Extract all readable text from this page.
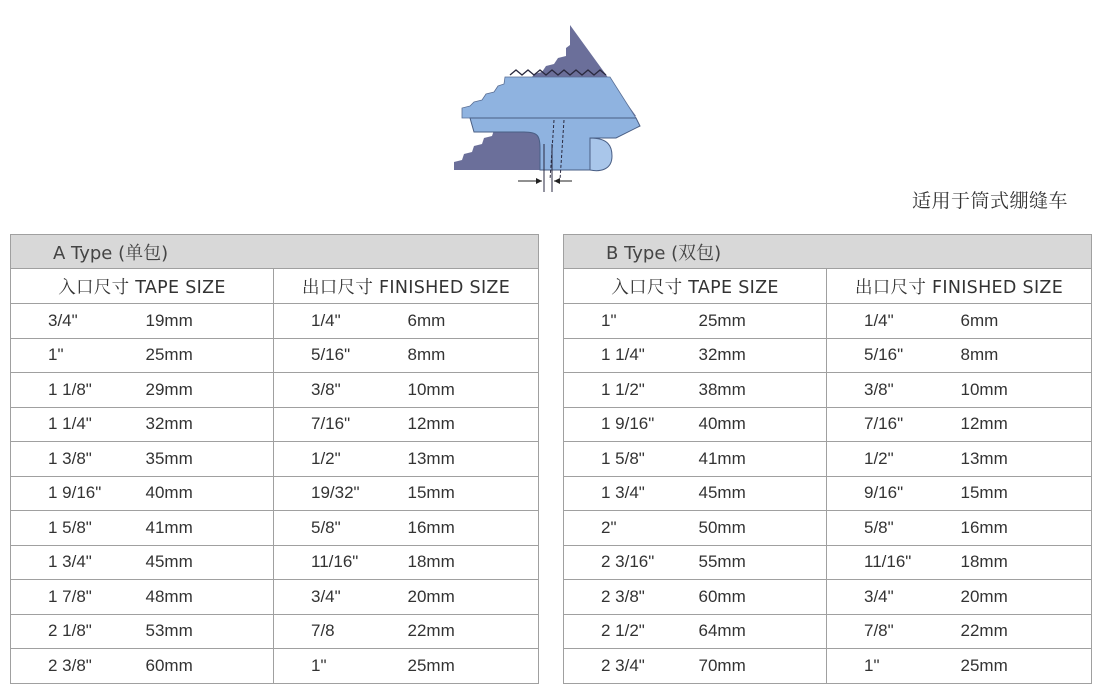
适用于筒式绷缝车
A Type (单包)			
入口尺寸 TAPE SIZE		出口尺寸 FINISHED SIZE	
3/4"	19mm	1/4"	6mm
1"	25mm	5/16"	8mm
1 1/8"	29mm	3/8"	10mm
1 1/4"	32mm	7/16"	12mm
1 3/8"	35mm	1/2"	13mm
1 9/16"	40mm	19/32"	15mm
1 5/8"	41mm	5/8"	16mm
1 3/4"	45mm	11/16"	18mm
1 7/8"	48mm	3/4"	20mm
2 1/8"	53mm	7/8	22mm
2 3/8"	60mm	1"	25mm
B Type (双包)			
入口尺寸 TAPE SIZE		出口尺寸 FINISHED SIZE	
1"	25mm	1/4"	6mm
1 1/4"	32mm	5/16"	8mm
1 1/2"	38mm	3/8"	10mm
1 9/16"	40mm	7/16"	12mm
1 5/8"	41mm	1/2"	13mm
1 3/4"	45mm	9/16"	15mm
2"	50mm	5/8"	16mm
2 3/16"	55mm	11/16"	18mm
2 3/8"	60mm	3/4"	20mm
2 1/2"	64mm	7/8"	22mm
2 3/4"	70mm	1"	25mm
